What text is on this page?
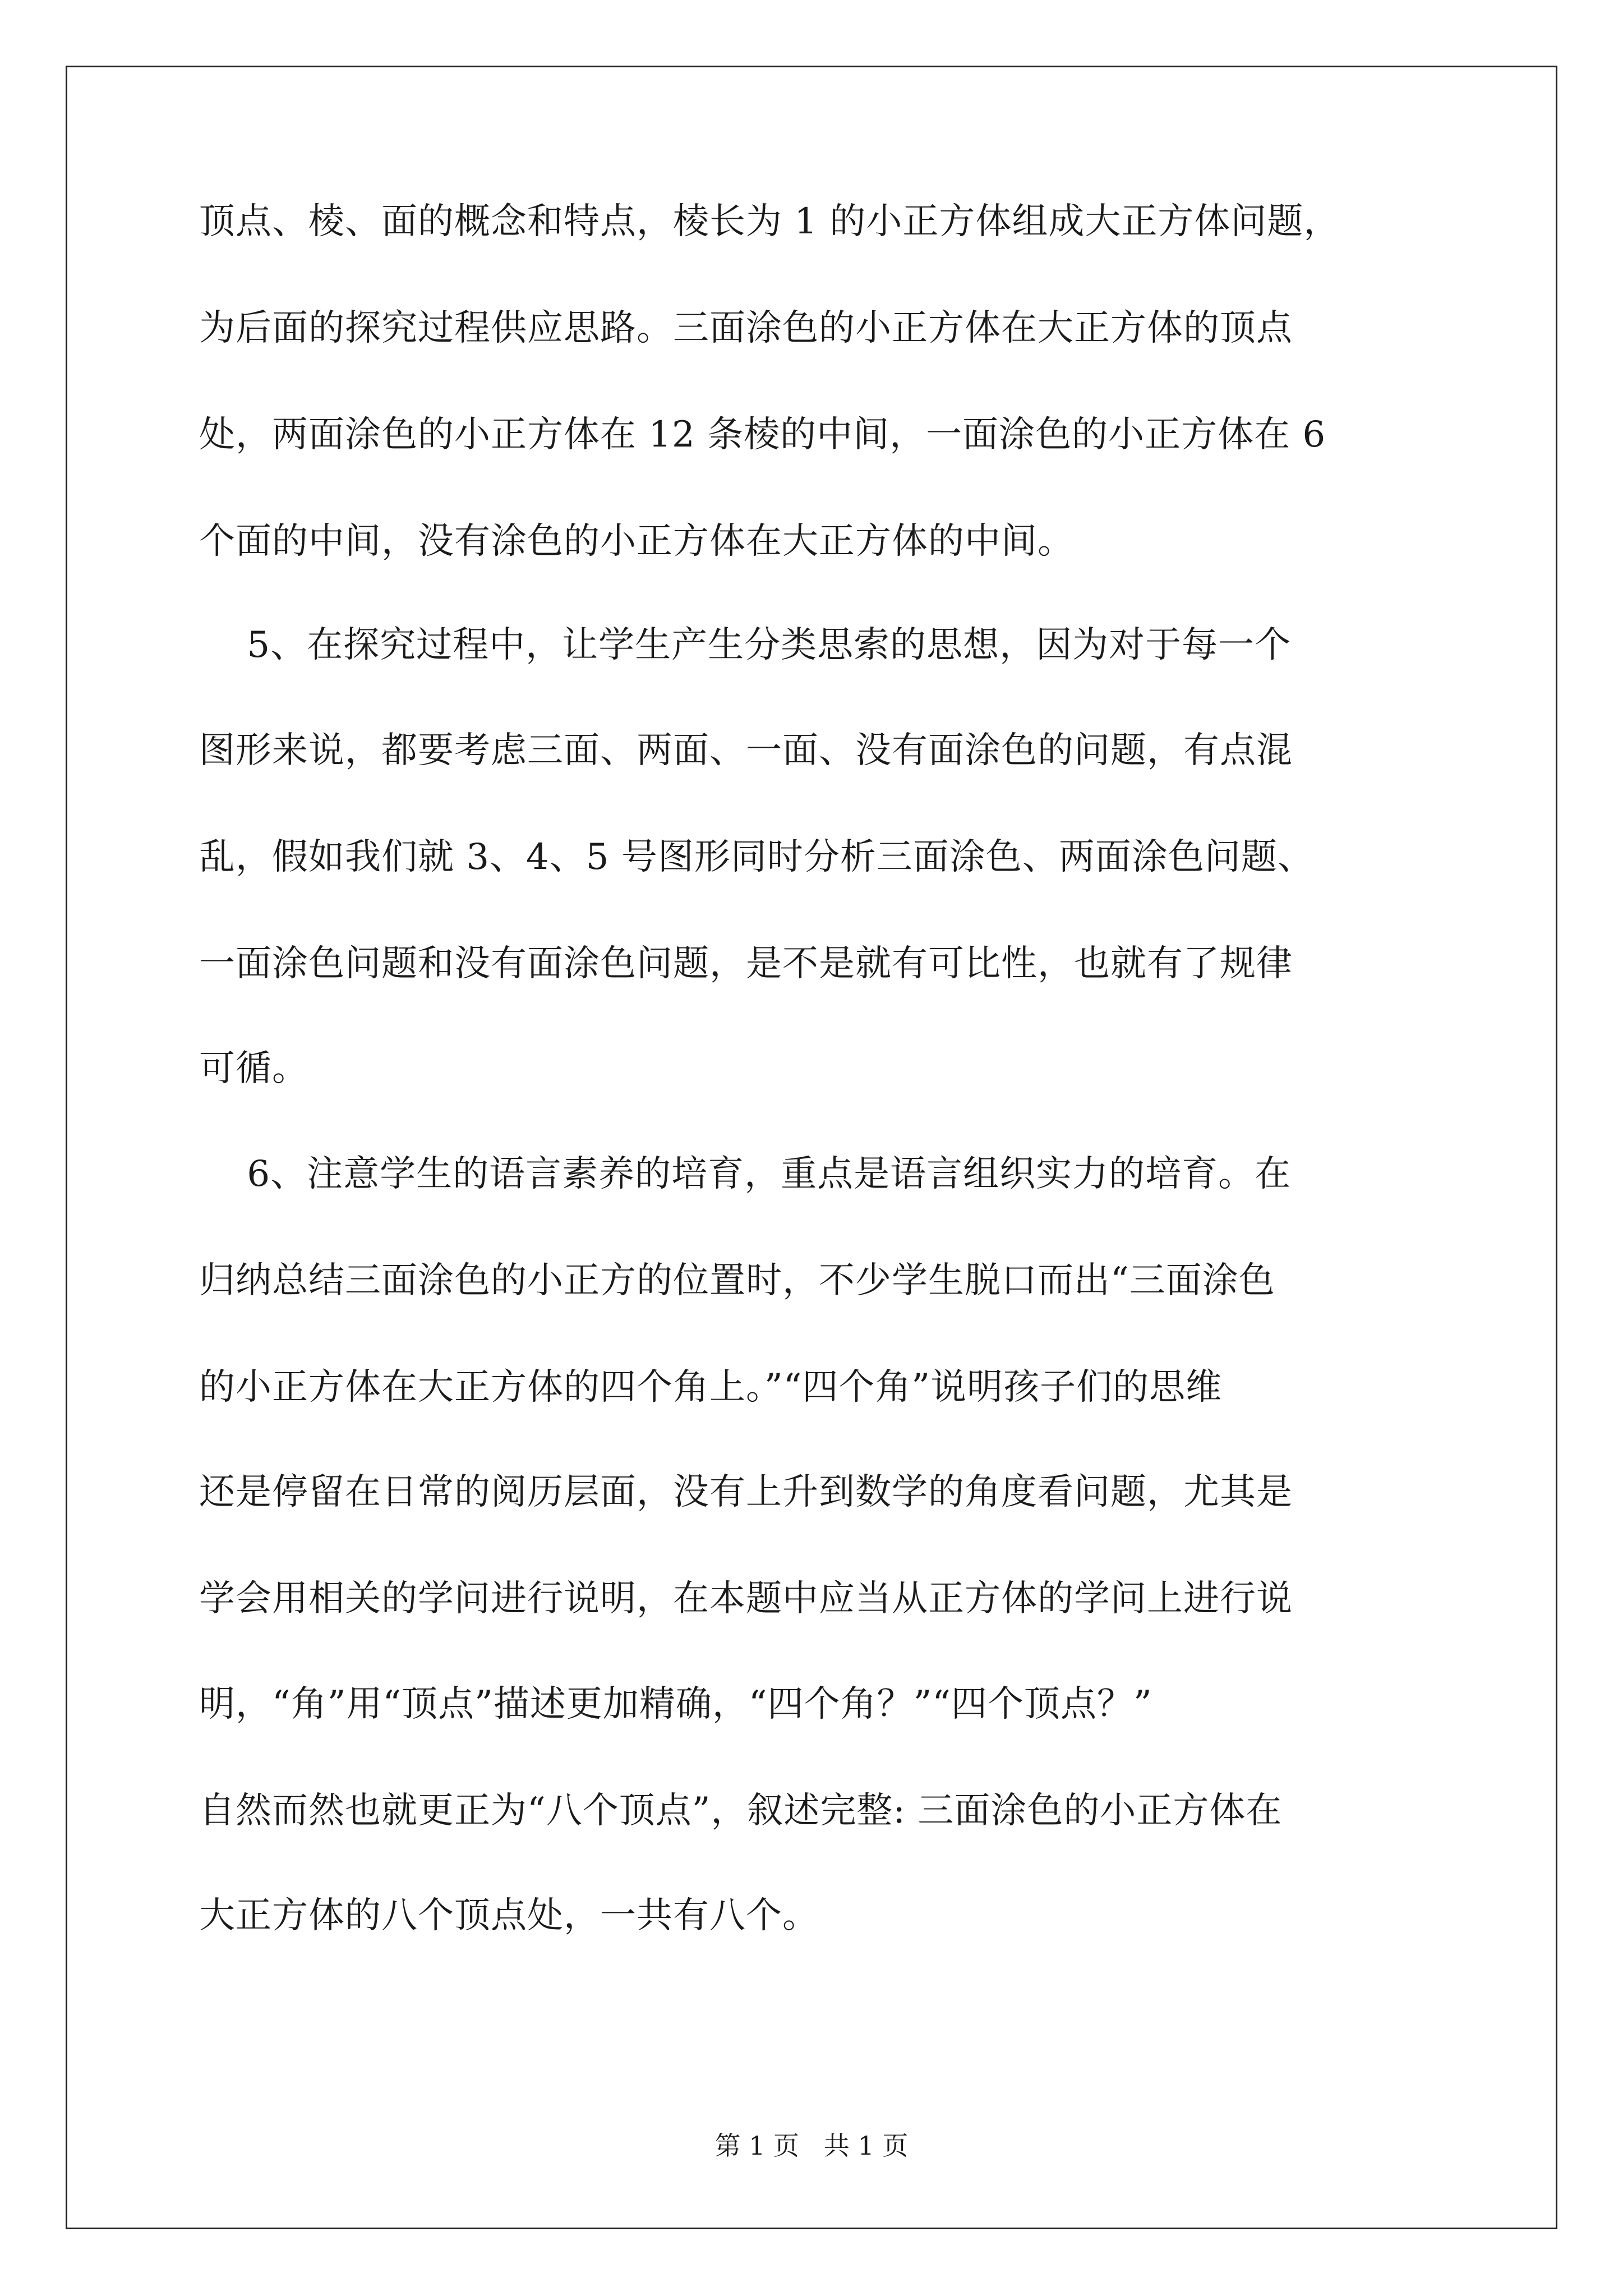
顶点、棱、面的概念和特点，棱长为 1 的小正方体组成大正方体问题，
为后面的探究过程供应思路。三面涂色的小正方体在大正方体的顶点
处，两面涂色的小正方体在 12 条棱的中间，一面涂色的小正方体在 6
个面的中间，没有涂色的小正方体在大正方体的中间。
5、在探究过程中，让学生产生分类思索的思想，因为对于每一个
图形来说，都要考虑三面、两面、一面、没有面涂色的问题，有点混
乱，假如我们就 3、4、5 号图形同时分析三面涂色、两面涂色问题、
一面涂色问题和没有面涂色问题，是不是就有可比性，也就有了规律
可循。
6、注意学生的语言素养的培育，重点是语言组织实力的培育。在
归纳总结三面涂色的小正方的位置时，不少学生脱口而出“三面涂色
的小正方体在大正方体的四个角上。”“四个角”说明孩子们的思维
还是停留在日常的阅历层面，没有上升到数学的角度看问题，尤其是
学会用相关的学问进行说明，在本题中应当从正方体的学问上进行说
明，“角”用“顶点”描述更加精确，“四个角？”“四个顶点？”
自然而然也就更正为“八个顶点”，叙述完整: 三面涂色的小正方体在
大正方体的八个顶点处，一共有八个。
第 1 页   共 1 页
